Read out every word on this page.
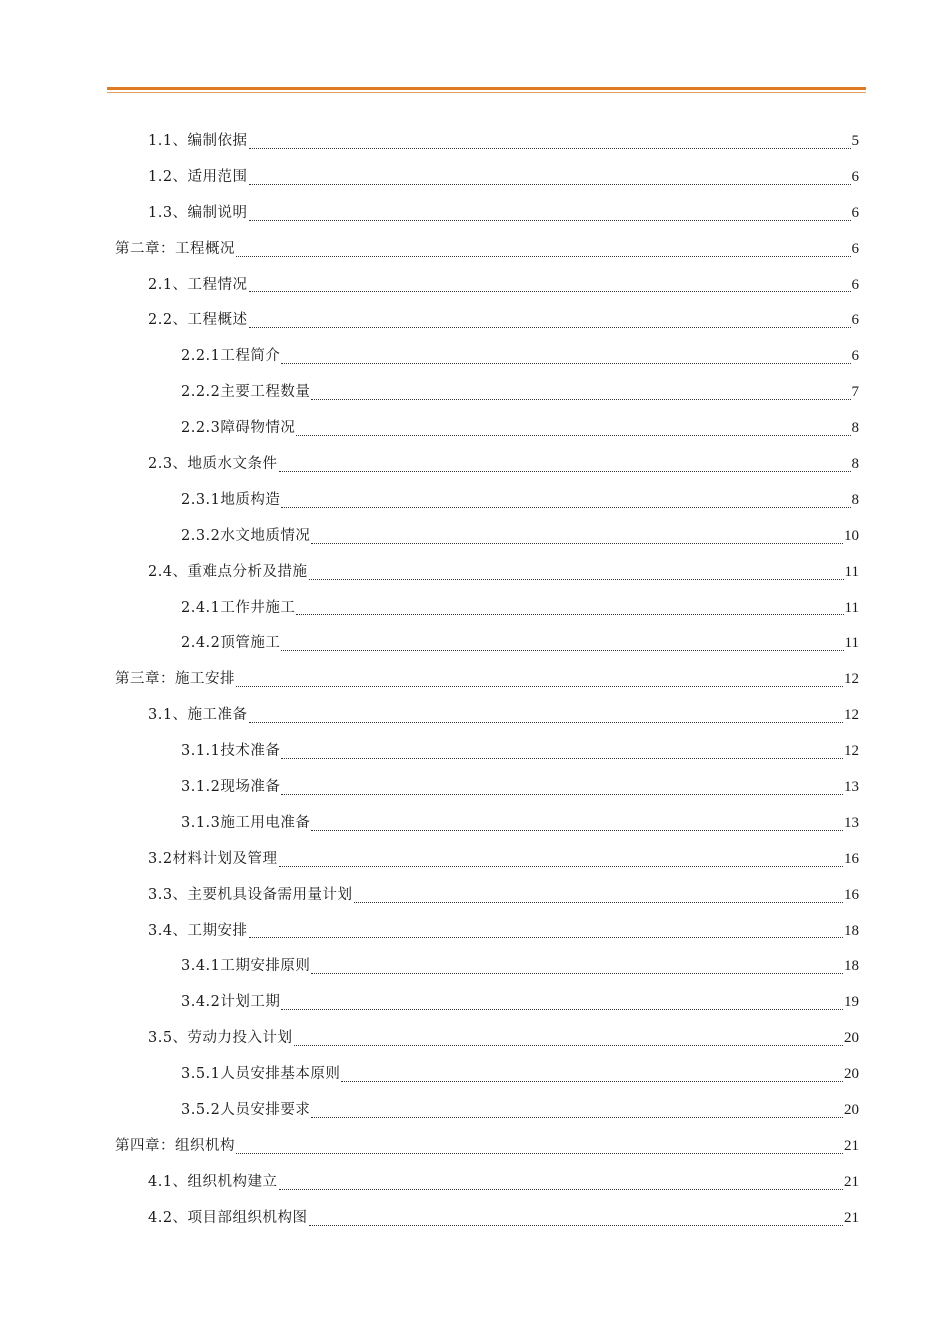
1.1、编制依据	5
1.2、适用范围	6
1.3、编制说明	6
第二章：工程概况	6
2.1、工程情况	6
2.2、工程概述	6
2.2.1工程简介	6
2.2.2主要工程数量	7
2.2.3障碍物情况	8
2.3、地质水文条件	8
2.3.1地质构造	8
2.3.2水文地质情况	10
2.4、重难点分析及措施	11
2.4.1工作井施工	11
2.4.2顶管施工	11
第三章：施工安排	12
3.1、施工准备	12
3.1.1技术准备	12
3.1.2现场准备	13
3.1.3施工用电准备	13
3.2材料计划及管理	16
3.3、主要机具设备需用量计划	16
3.4、工期安排	18
3.4.1工期安排原则	18
3.4.2计划工期	19
3.5、劳动力投入计划	20
3.5.1人员安排基本原则	20
3.5.2人员安排要求	20
第四章：组织机构	21
4.1、组织机构建立	21
4.2、项目部组织机构图	21
